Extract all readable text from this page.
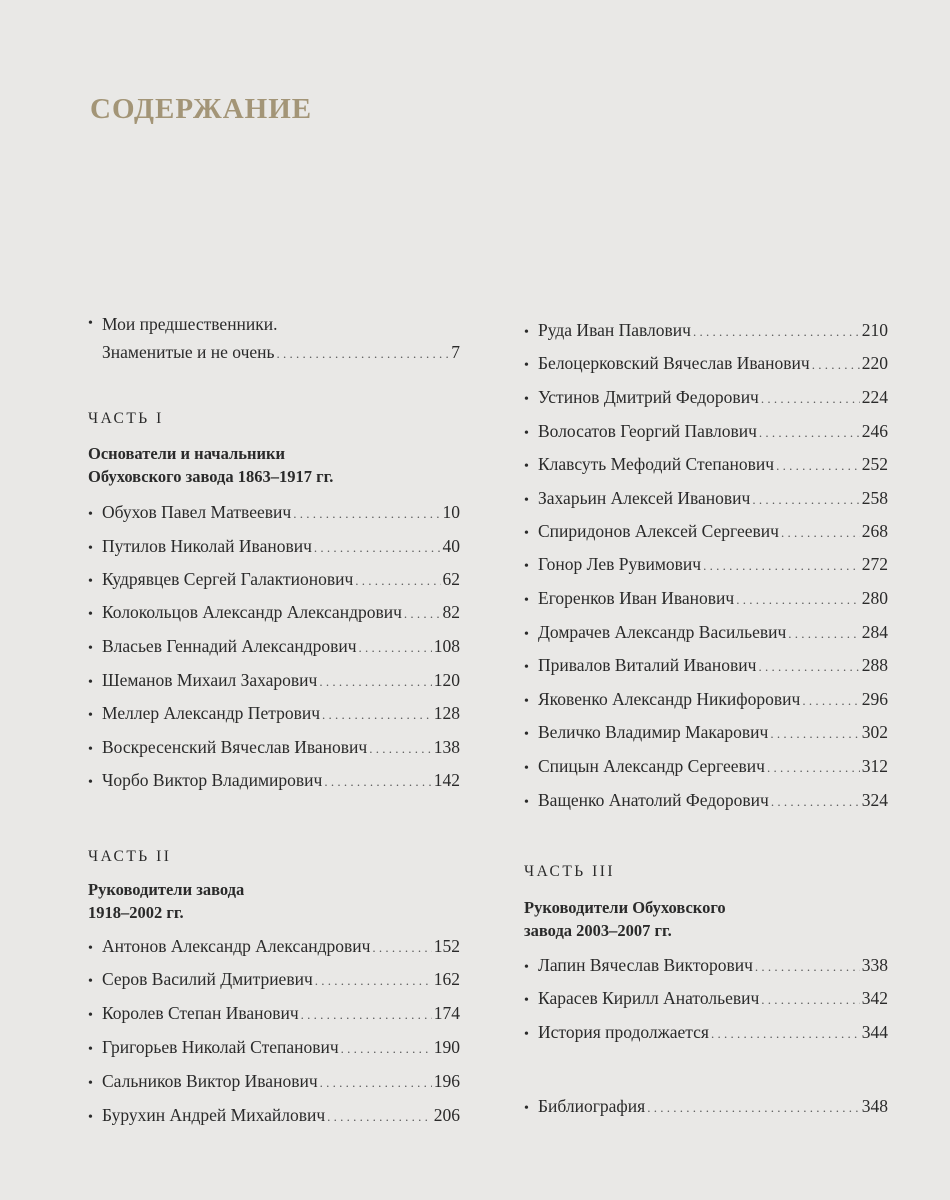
СОДЕРЖАНИЕ
• Мои предшественники.
Знаменитые и не очень . . .	7
ЧАСТЬ I
Основатели и начальники
Обуховского завода 1863–1917 гг.
• Обухов Павел Матвеевич . . .	10
• Путилов Николай Иванович . . .	40
• Кудрявцев Сергей Галактионович . . .	62
• Колокольцов Александр Александрович . . . 82
• Власьев Геннадий Александрович . . .	108
• Шеманов Михаил Захарович . . .	120
• Меллер Александр Петрович . . .	128
• Воскресенский Вячеслав Иванович . . .	138
• Чорбо Виктор Владимирович . . .	142
ЧАСТЬ II
Руководители завода
1918–2002 гг.
• Антонов Александр Александрович . . .	152
• Серов Василий Дмитриевич . . .	162
• Королев Степан Иванович . . .	174
• Григорьев Николай Степанович . . .	190
• Сальников Виктор Иванович . . .	196
• Бурухин Андрей Михайлович . . .	206
• Руда Иван Павлович . . .	210
• Белоцерковский Вячеслав Иванович . . .	220
• Устинов Дмитрий Федорович . . .	224
• Волосатов Георгий Павлович . . .	246
• Клавсуть Мефодий Степанович . . .	252
• Захарьин Алексей Иванович . . .	258
• Спиридонов Алексей Сергеевич . . .	268
• Гонор Лев Рувимович . . .	272
• Егоренков Иван Иванович . . .	280
• Домрачев Александр Васильевич . . .	284
• Привалов Виталий Иванович . . .	288
• Яковенко Александр Никифорович . . .	296
• Величко Владимир Макарович . . .	302
• Спицын Александр Сергеевич . . .	312
• Ващенко Анатолий Федорович . . .	324
ЧАСТЬ III
Руководители Обуховского
завода 2003–2007 гг.
• Лапин Вячеслав Викторович . . .	338
• Карасев Кирилл Анатольевич . . .	342
• История продолжается . . .	344
• Библиография . . .	348
